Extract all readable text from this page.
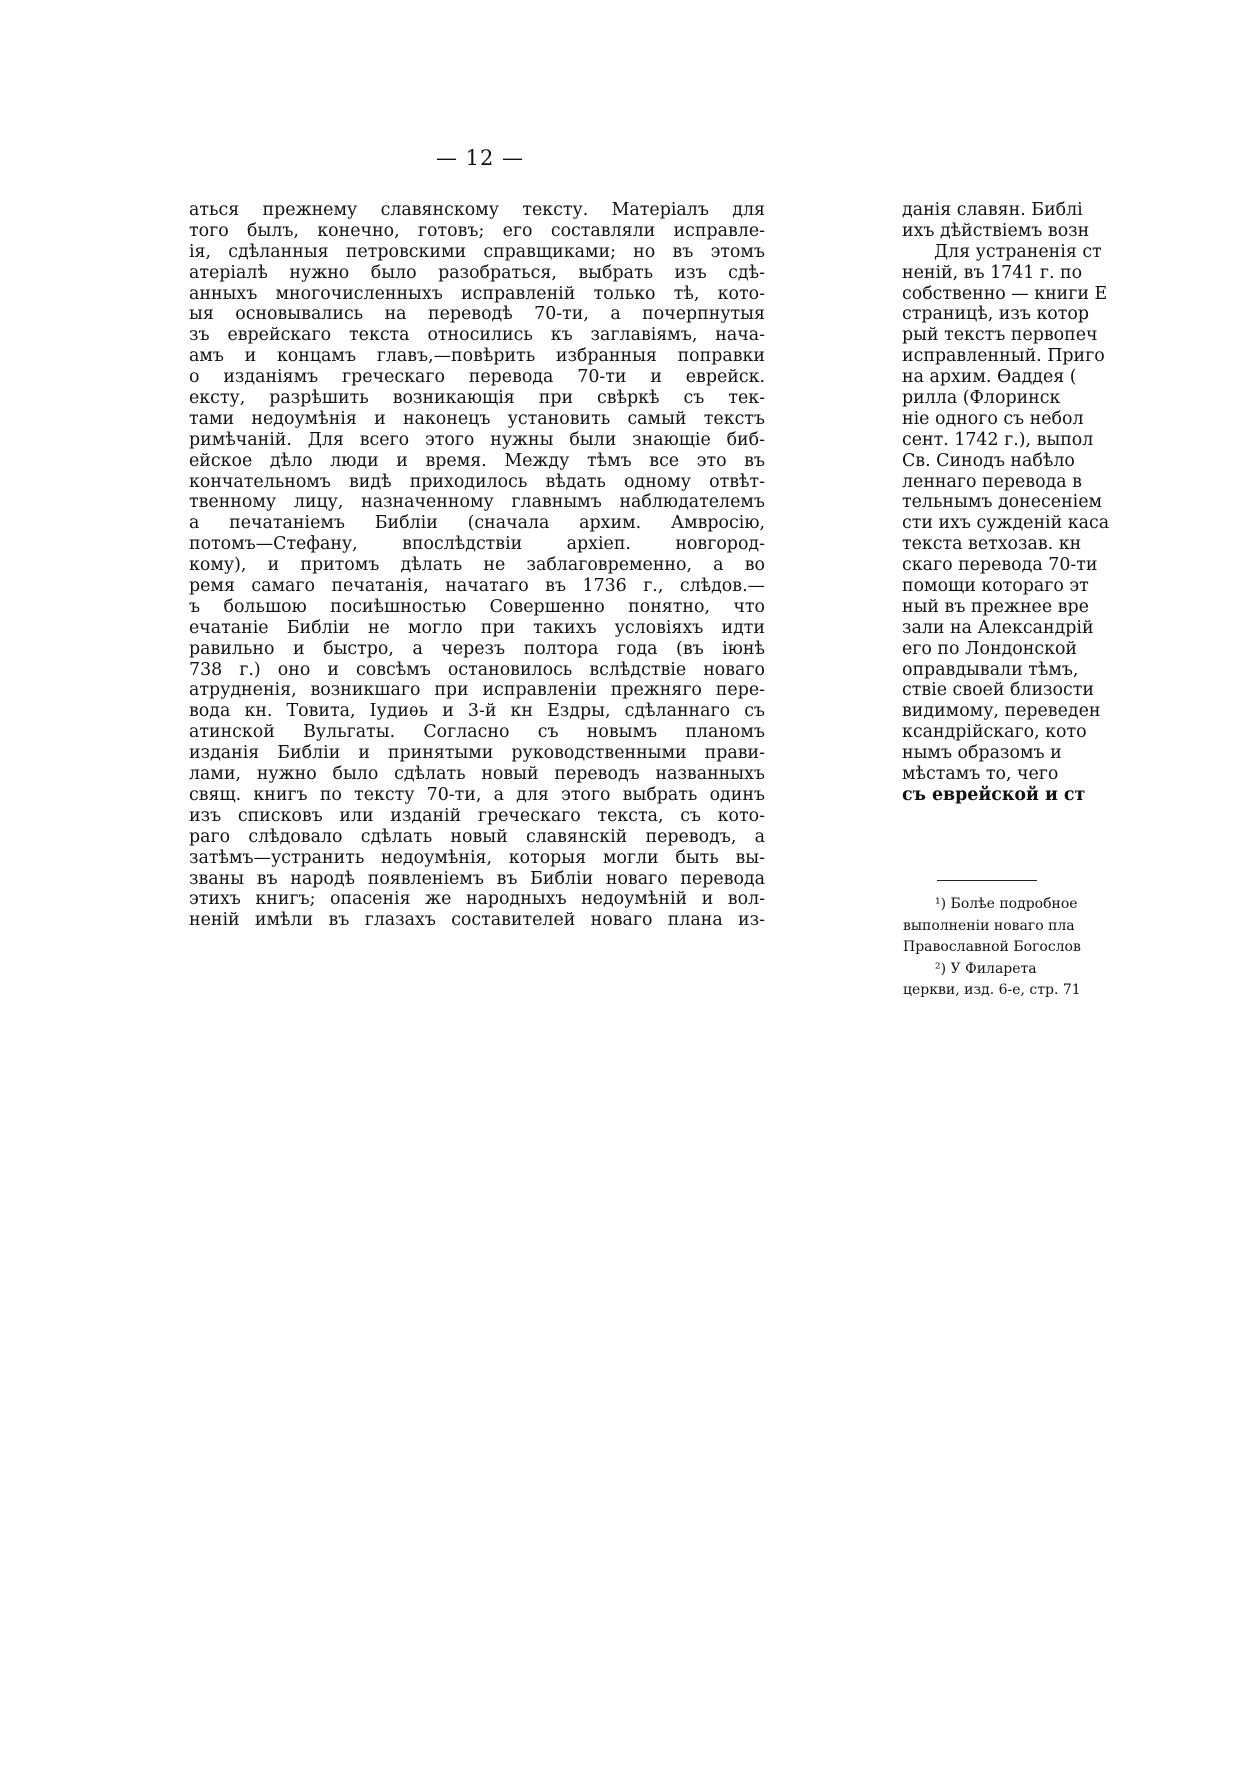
— 12 —
аться прежнему славянскому тексту. Матеріалъ для
того былъ, конечно, готовъ; его составляли исправле-
ія, сдѣланныя петровскими справщиками; но въ этомъ
атеріалѣ нужно было разобраться, выбрать изъ сдѣ-
анныхъ многочисленныхъ исправленій только тѣ, кото-
ыя основывались на переводѣ 70-ти, а почерпнутыя
зъ еврейскаго текста относились къ заглавіямъ, нача-
амъ и концамъ главъ,—повѣрить избранныя поправки
о изданіямъ греческаго перевода 70-ти и еврейск.
ексту, разрѣшить возникающія при свѣркѣ съ тек-
тами недоумѣнія и наконецъ установить самый текстъ
римѣчаній. Для всего этого нужны были знающіе биб-
ейское дѣло люди и время. Между тѣмъ все это въ
кончательномъ видѣ приходилось вѣдать одному отвѣт-
твенному лицу, назначенному главнымъ наблюдателемъ
а печатаніемъ Библіи (сначала архим. Амвросію,
потомъ—Стефану, впослѣдствіи архіеп. новгород-
кому), и притомъ дѣлать не заблаговременно, а во
ремя самаго печатанія, начатаго въ 1736 г., слѣдов.—
ъ большою посиѣшностью Совершенно понятно, что
ечатаніе Библіи не могло при такихъ условіяхъ идти
равильно и быстро, а черезъ полтора года (въ іюнѣ
738 г.) оно и совсѣмъ остановилось вслѣдствіе новаго
атрудненія, возникшаго при исправленіи прежняго пере-
вода кн. Товита, Іудиѳь и 3-й кн Ездры, сдѣланнаго съ
атинской Вульгаты. Согласно съ новымъ планомъ
изданія Библіи и принятыми руководственными прави-
лами, нужно было сдѣлать новый переводъ названныхъ
свящ. книгъ по тексту 70-ти, а для этого выбрать одинъ
изъ списковъ или изданій греческаго текста, съ кото-
раго слѣдовало сдѣлать новый славянскій переводъ, а
затѣмъ—устранить недоумѣнія, которыя могли быть вы-
званы въ народѣ появленіемъ въ Библіи новаго перевода
этихъ книгъ; опасенія же народныхъ недоумѣній и вол-
неній имѣли въ глазахъ составителей новаго плана из-
данія славян. Библі
ихъ дѣйствіемъ возн
Для устраненія ст
неній, въ 1741 г. по
собственно — книги Е
страницѣ, изъ котор
рый текстъ первопеч
исправленный. Приго
на архим. Ѳаддея (
рилла (Флоринск
ніе одного съ небол
сент. 1742 г.), выпол
Св. Синодъ набѣло
леннаго перевода в
тельнымъ донесеніем
сти ихъ сужденій каса
текста ветхозав. кн
скаго перевода 70-ти
помощи котораго эт
ный въ прежнее вре
зали на Александрій
его по Лондонской
оправдывали тѣмъ,
ствіе своей близости
видимому, переведен
ксандрійскаго, кото
нымъ образомъ и
мѣстамъ то, чего
съ еврейской и ст
¹) Болѣе подробное
выполненіи новаго пла
Православной Богослов
²) У Филарета
церкви, изд. 6-е, стр. 71
